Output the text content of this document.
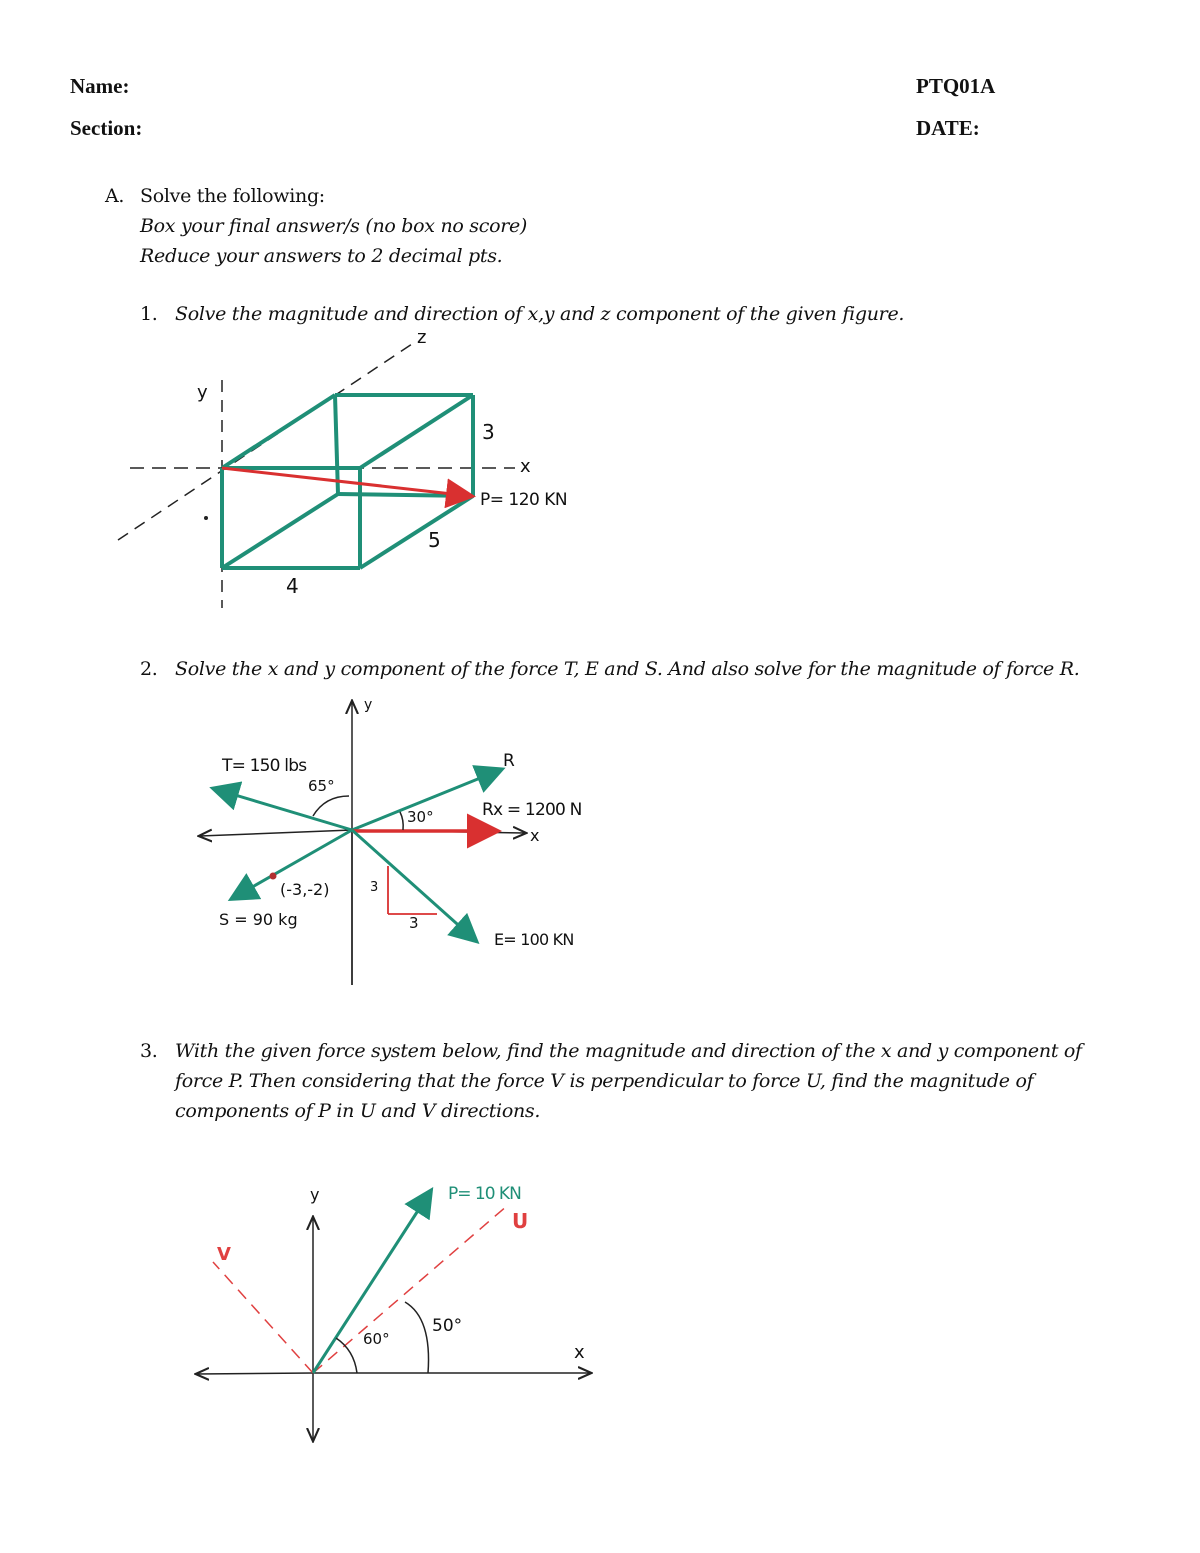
Name:
Section:
PTQ01A
DATE:
A. Solve the following:
Box your final answer/s (no box no score)
Reduce your answers to 2 decimal pts.
1. Solve the magnitude and direction of x,y and z component of the given figure.
2. Solve the x and y component of the force T, E and S. And also solve for the magnitude of force R.
3. With the given force system below, find the magnitude and direction of the x and y component of
force P. Then considering that the force V is perpendicular to force U, find the magnitude of
components of P in U and V directions.
y
x
z
3
5
4
P= 120 KN
y
x
T= 150 lbs
65°
R
30°	Rx = 1200 N
(-3,-2)
S = 90 kg
3
3
E= 100 KN
y
x
P= 10 KN
U
V
60°
50°
